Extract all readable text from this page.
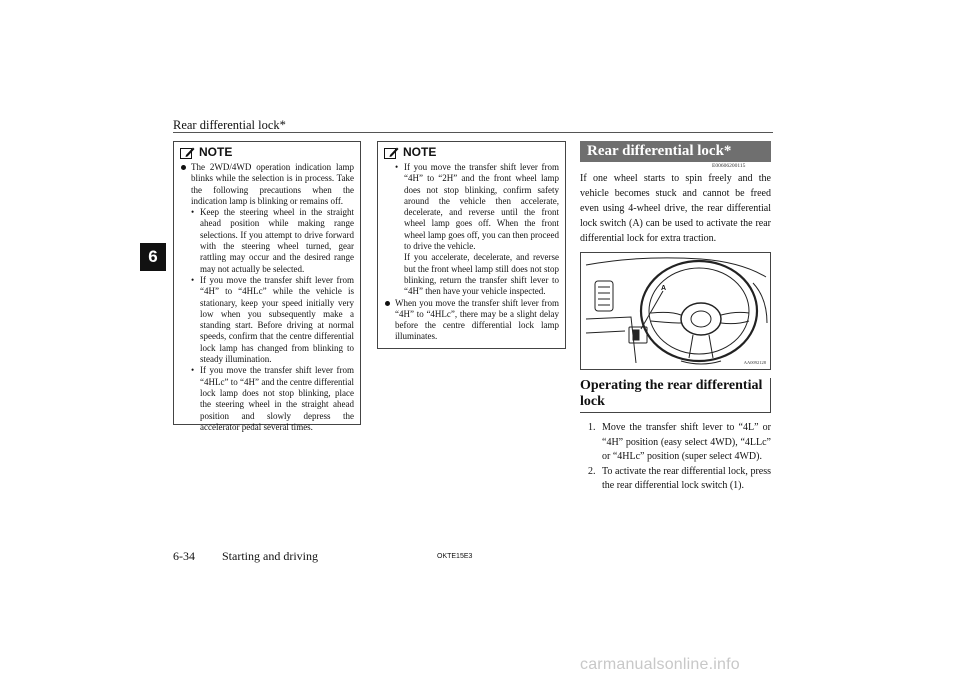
Rear differential lock*
6
NOTE
The 2WD/4WD operation indication lamp blinks while the selection is in process. Take the following precautions when the indication lamp is blinking or remains off.
• Keep the steering wheel in the straight ahead position while making range selections. If you attempt to drive forward with the steering wheel turned, gear rattling may occur and the desired range may not actually be selected.
• If you move the transfer shift lever from “4H” to “4HLc” while the vehicle is stationary, keep your speed initially very low when you subsequently make a standing start. Before driving at normal speeds, confirm that the centre differential lock lamp has changed from blinking to steady illumination.
• If you move the transfer shift lever from “4HLc” to “4H” and the centre differential lock lamp does not stop blinking, place the steering wheel in the straight ahead position and slowly depress the accelerator pedal several times.
NOTE
• If you move the transfer shift lever from “4H” to “2H” and the front wheel lamp does not stop blinking, confirm safety around the vehicle then accelerate, decelerate, and reverse until the front wheel lamp goes off. When the front wheel lamp goes off, you can then proceed to drive the vehicle.
If you accelerate, decelerate, and reverse but the front wheel lamp still does not stop blinking, return the transfer shift lever to “4H” then have your vehicle inspected.
When you move the transfer shift lever from “4H” to “4HLc”, there may be a slight delay before the centre differential lock lamp illuminates.
Rear differential lock*
E00606200115
If one wheel starts to spin freely and the vehicle becomes stuck and cannot be freed even using 4-wheel drive, the rear differential lock switch (A) can be used to activate the rear differential lock for extra traction.
A
AA0092128
Operating the rear differential lock
1. Move the transfer shift lever to “4L” or “4H” position (easy select 4WD), “4LLc” or “4HLc” position (super select 4WD).
2. To activate the rear differential lock, press the rear differential lock switch (1).
6-34 Starting and driving	OKTE15E3
carmanualsonline.info
